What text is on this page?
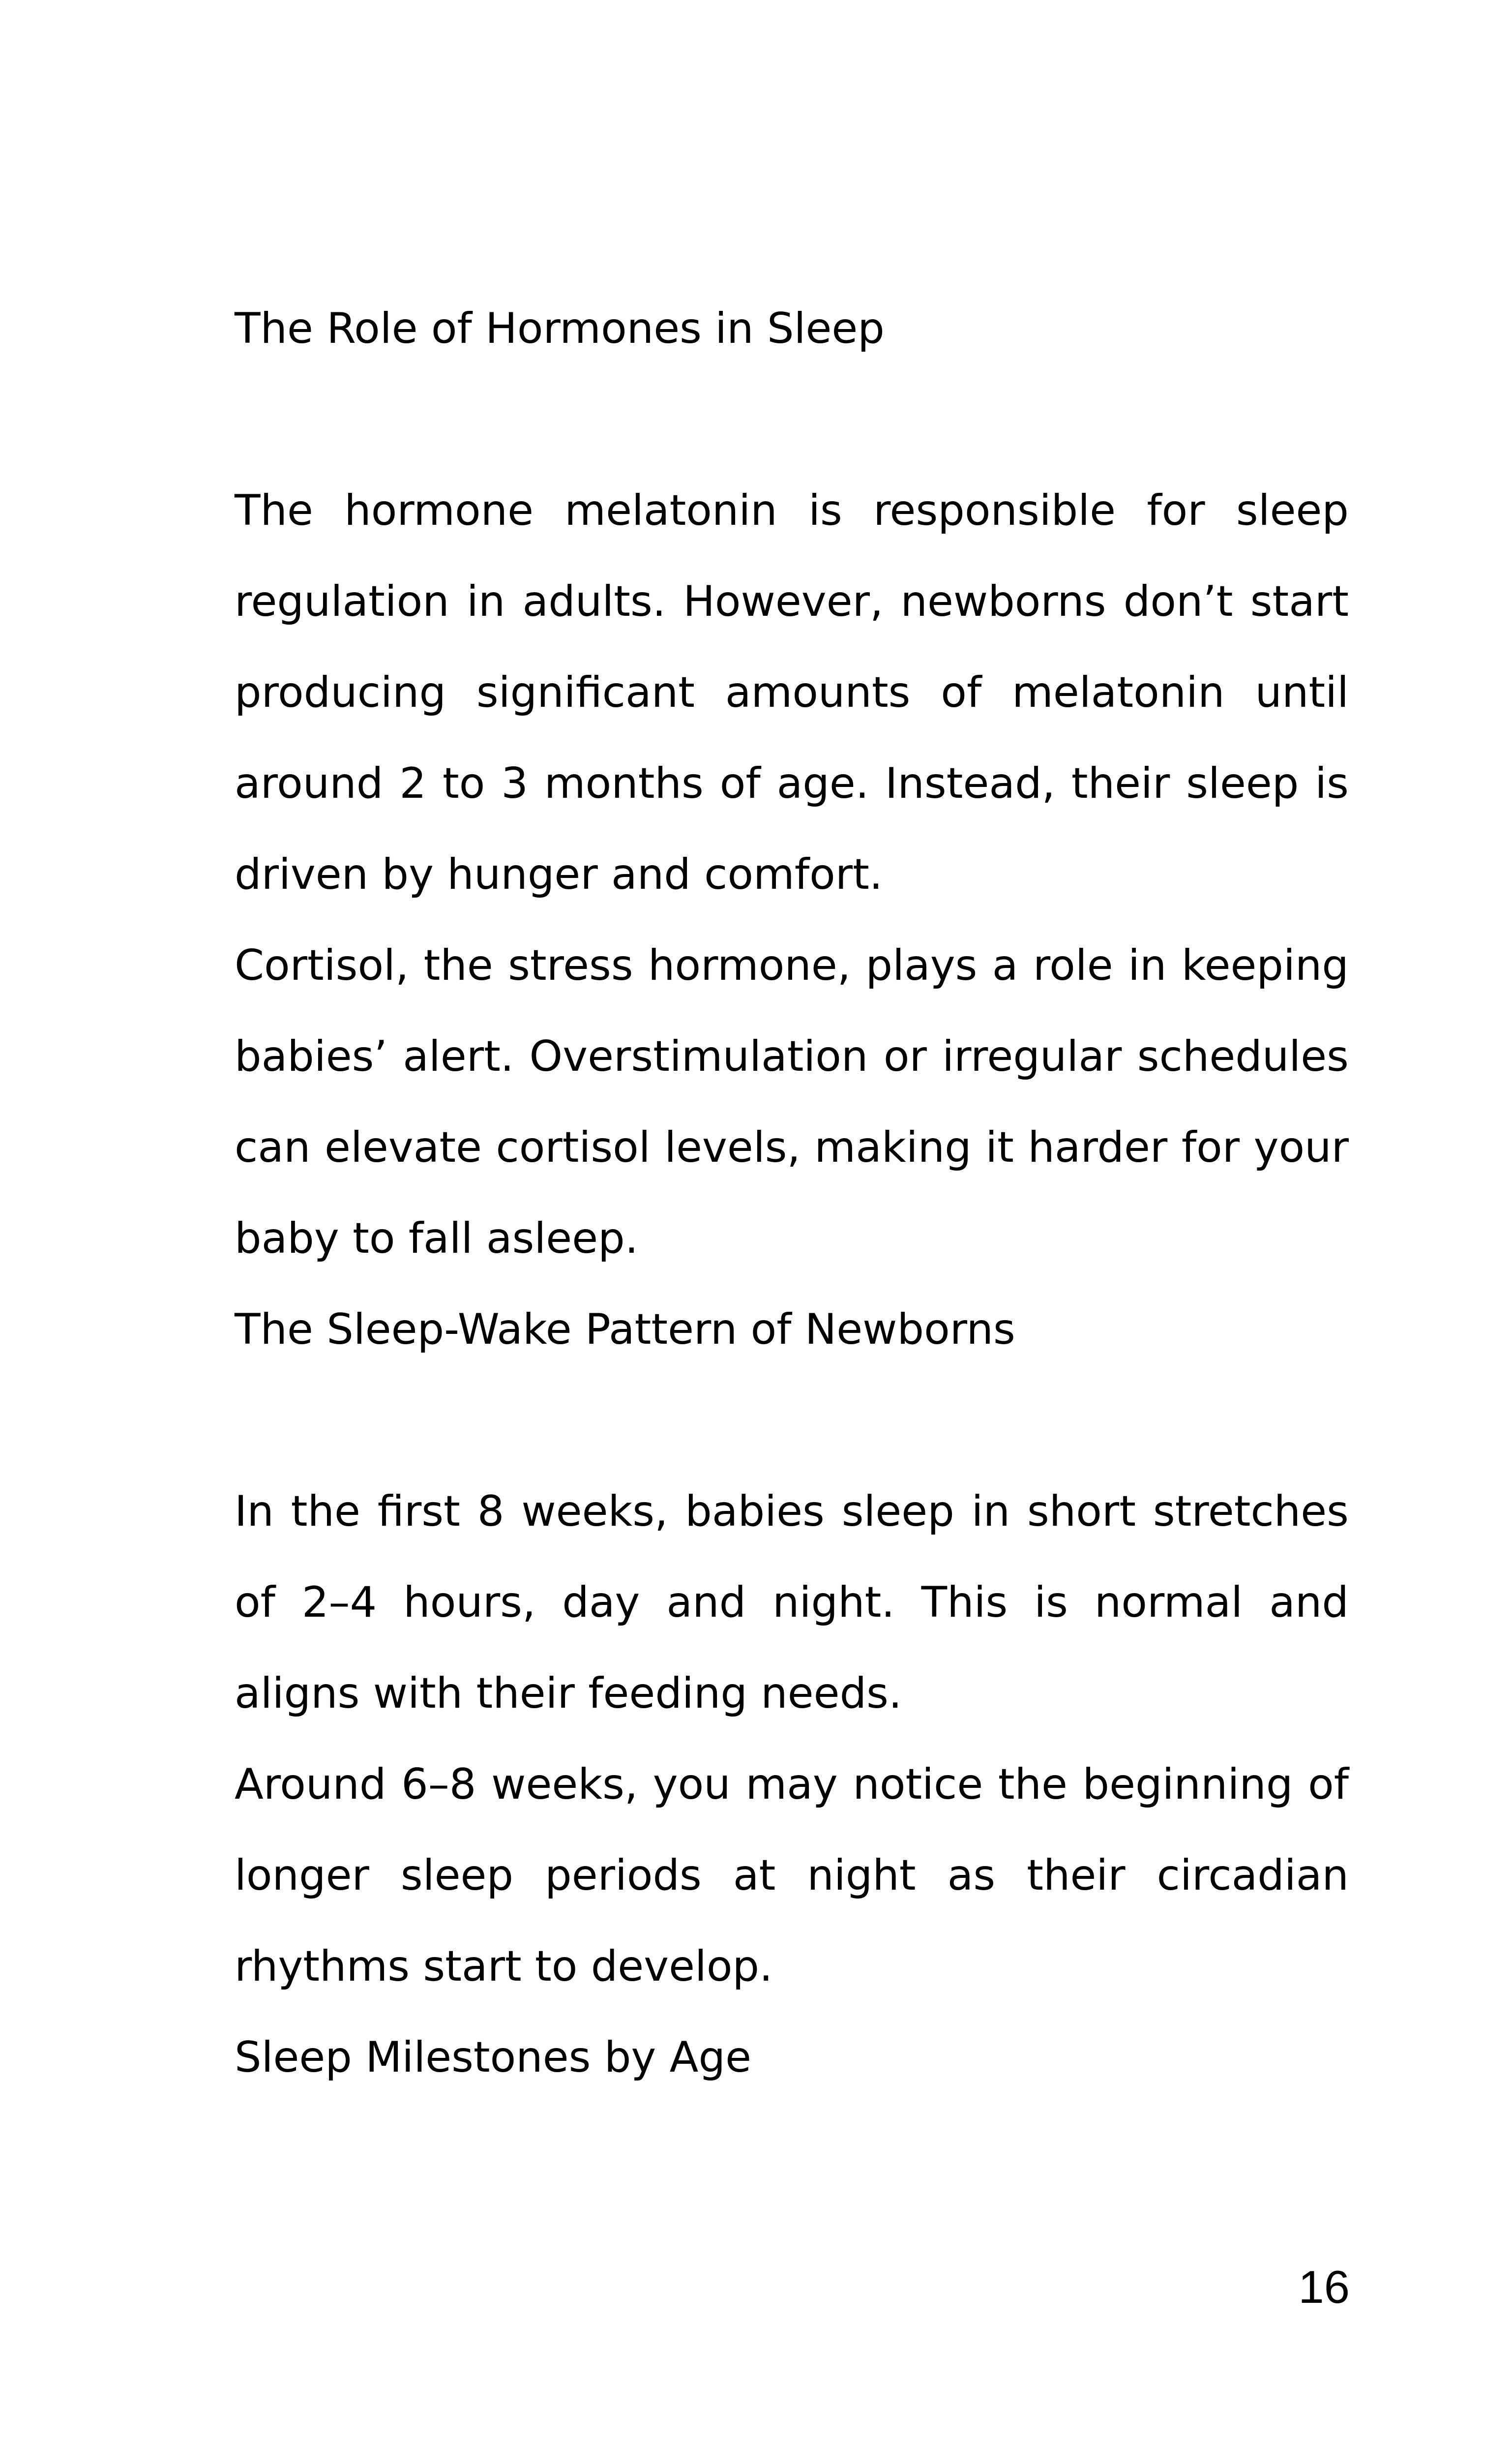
The Role of Hormones in Sleep
The hormone melatonin is responsible for sleep regulation in adults. However, newborns don’t start producing significant amounts of melatonin until around 2 to 3 months of age. Instead, their sleep is driven by hunger and comfort.
Cortisol, the stress hormone, plays a role in keeping babies’ alert. Overstimulation or irregular schedules can elevate cortisol levels, making it harder for your baby to fall asleep.
The Sleep-Wake Pattern of Newborns
In the first 8 weeks, babies sleep in short stretches of 2–4 hours, day and night. This is normal and aligns with their feeding needs.
Around 6–8 weeks, you may notice the beginning of longer sleep periods at night as their circadian rhythms start to develop.
Sleep Milestones by Age
16
